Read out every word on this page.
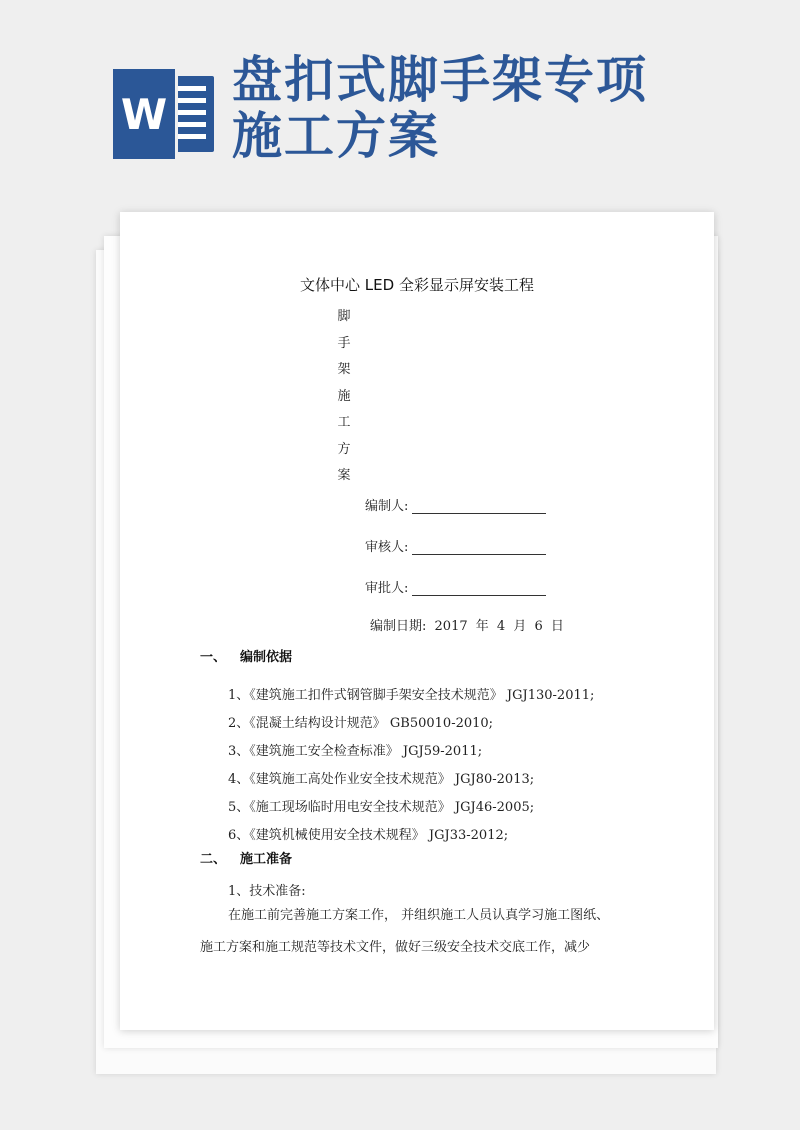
W
盘扣式脚手架专项
施工方案
文体中心 LED 全彩显示屏安装工程
脚
手
架
施
工
方
案
编制人:
审核人:
审批人:
编制日期: 2017 年 4 月 6 日
一、 编制依据
1、《建筑施工扣件式钢管脚手架安全技术规范》 JGJ130-2011;
2、《混凝土结构设计规范》 GB50010-2010;
3、《建筑施工安全检查标准》 JGJ59-2011;
4、《建筑施工高处作业安全技术规范》 JGJ80-2013;
5、《施工现场临时用电安全技术规范》 JGJ46-2005;
6、《建筑机械使用安全技术规程》 JGJ33-2012;
二、 施工准备
1、技术准备:
在施工前完善施工方案工作， 并组织施工人员认真学习施工图纸、
施工方案和施工规范等技术文件，做好三级安全技术交底工作，减少
